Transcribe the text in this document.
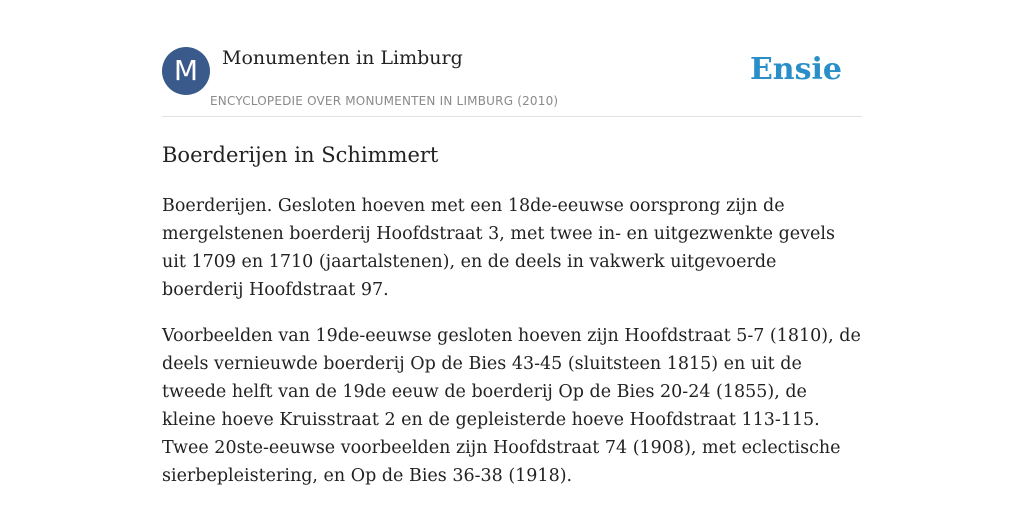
M	Monumenten in Limburg
ENCYCLOPEDIE OVER MONUMENTEN IN LIMBURG (2010)
Ensie
Boerderijen in Schimmert

Boerderijen. Gesloten hoeven met een 18de-eeuwse oorsprong zijn de mergelstenen boerderij Hoofdstraat 3, met twee in- en uitgezwenkte gevels uit 1709 en 1710 (jaartalstenen), en de deels in vakwerk uitgevoerde boerderij Hoofdstraat 97.

Voorbeelden van 19de-eeuwse gesloten hoeven zijn Hoofdstraat 5-7 (1810), de deels vernieuwde boerderij Op de Bies 43-45 (sluitsteen 1815) en uit de tweede helft van de 19de eeuw de boerderij Op de Bies 20-24 (1855), de kleine hoeve Kruisstraat 2 en de gepleisterde hoeve Hoofdstraat 113-115. Twee 20ste-eeuwse voorbeelden zijn Hoofdstraat 74 (1908), met eclectische sierbepleistering, en Op de Bies 36-38 (1918).
